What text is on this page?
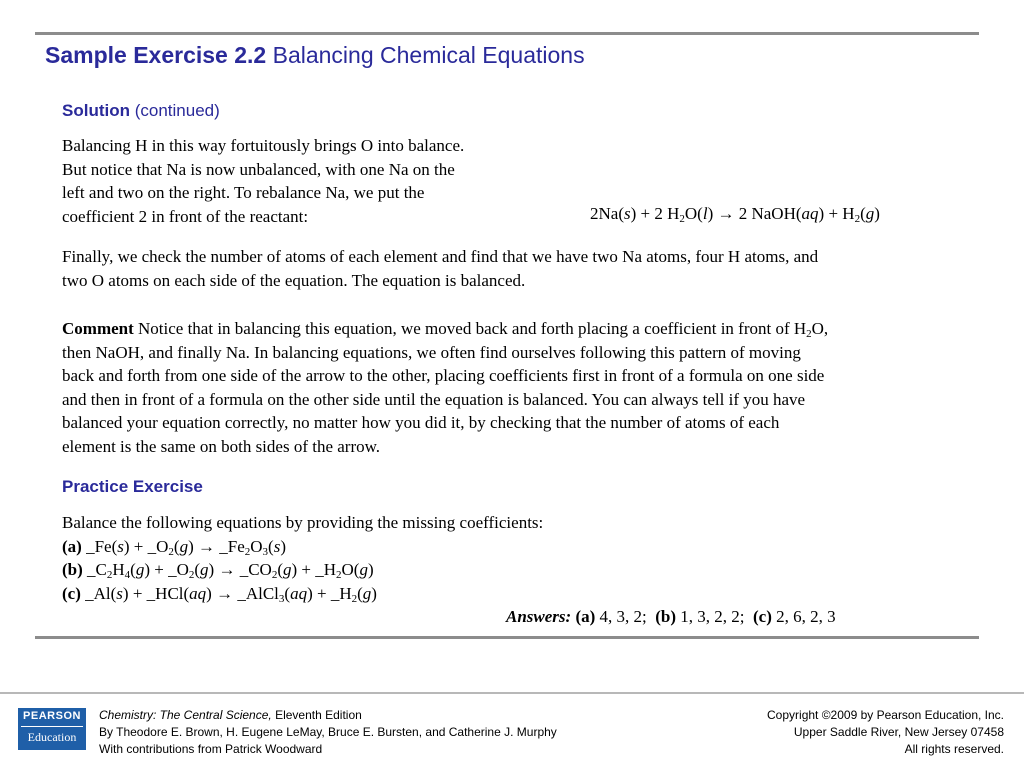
Sample Exercise 2.2 Balancing Chemical Equations
Solution (continued)
Balancing H in this way fortuitously brings O into balance.
But notice that Na is now unbalanced, with one Na on the
left and two on the right. To rebalance Na, we put the
coefficient 2 in front of the reactant:	2Na(s) + 2 $H_2O(l) \to 2$ NaOH(aq) + $H_2(g)$
Finally, we check the number of atoms of each element and find that we have two Na atoms, four H atoms, and
two O atoms on each side of the equation. The equation is balanced.
Comment Notice that in balancing this equation, we moved back and forth placing a coefficient in front of $H_2O$,
then NaOH, and finally Na. In balancing equations, we often find ourselves following this pattern of moving
back and forth from one side of the arrow to the other, placing coefficients first in front of a formula on one side
and then in front of a formula on the other side until the equation is balanced. You can always tell if you have
balanced your equation correctly, no matter how you did it, by checking that the number of atoms of each
element is the same on both sides of the arrow.
Practice Exercise
Balance the following equations by providing the missing coefficients:
(a) _Fe(s) + $\_O_2(g)$ → $\_Fe_2O_3(s)$
(b) $\_C_2H_4(g)$ + $\_O_2(g)$ → $\_CO_2(g)$ + $\_H_2O(g)$
(c) _Al(s) + _HCl(aq) → _AlCl$_3$(aq) + $\_H_2(g)$
Answers: (a) 4, 3, 2; (b) 1, 3, 2, 2; (c) 2, 6, 2, 3
PEARSON
Education
Chemistry: The Central Science, Eleventh Edition
By Theodore E. Brown, H. Eugene LeMay, Bruce E. Bursten, and Catherine J. Murphy
With contributions from Patrick Woodward
Copyright ©2009 by Pearson Education, Inc.
Upper Saddle River, New Jersey 07458
All rights reserved.
